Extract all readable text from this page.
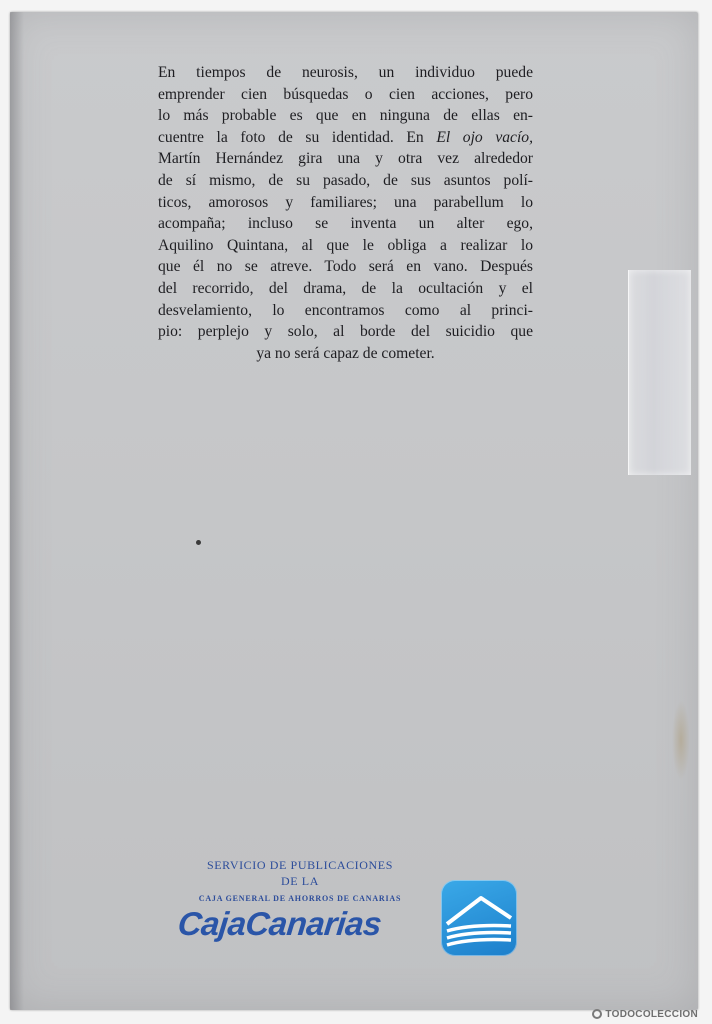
En tiempos de neurosis, un individuo puede
emprender cien búsquedas o cien acciones, pero
lo más probable es que en ninguna de ellas en-
cuentre la foto de su identidad. En El ojo vacío,
Martín Hernández gira una y otra vez alrededor
de sí mismo, de su pasado, de sus asuntos polí-
ticos, amorosos y familiares; una parabellum lo
acompaña; incluso se inventa un alter ego,
Aquilino Quintana, al que le obliga a realizar lo
que él no se atreve. Todo será en vano. Después
del recorrido, del drama, de la ocultación y el
desvelamiento, lo encontramos como al princi-
pio: perplejo y solo, al borde del suicidio que
ya no será capaz de cometer.
SERVICIO DE PUBLICACIONES
DE LA
CAJA GENERAL DE AHORROS DE CANARIAS
CajaCanarias
TODOCOLECCION
